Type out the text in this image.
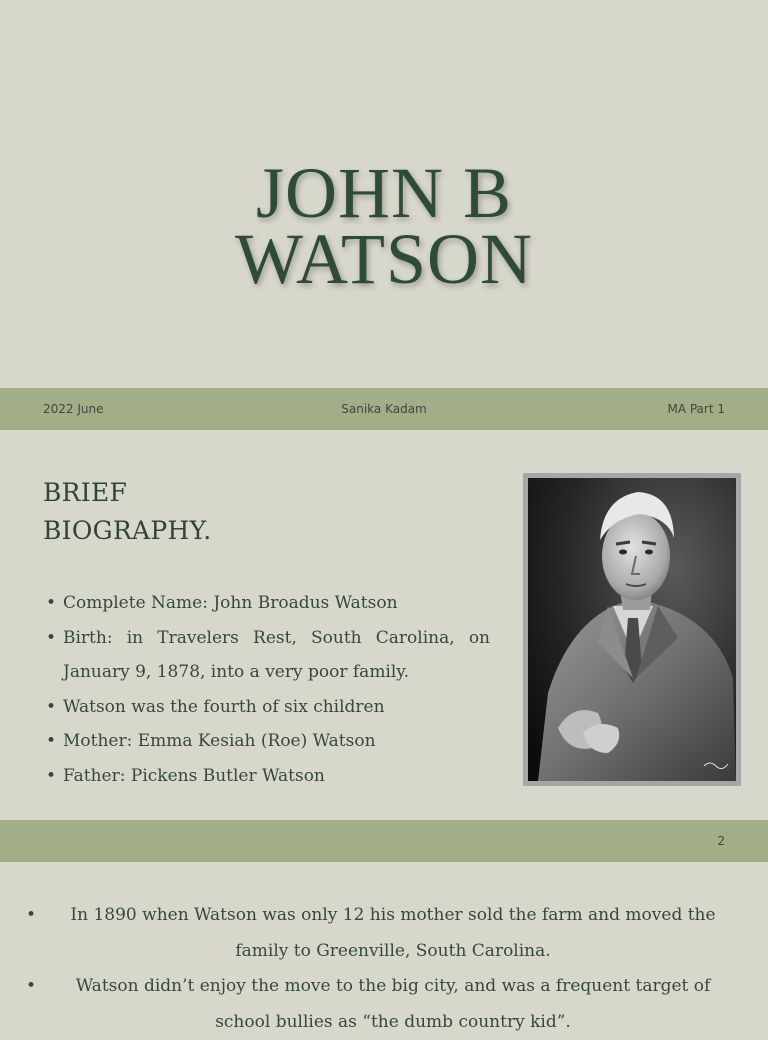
JOHN B
WATSON
2022 June	Sanika Kadam	MA Part 1
BRIEF
BIOGRAPHY.
• Complete Name: John Broadus Watson
• Birth: in Travelers Rest, South Carolina, on January 9, 1878, into a very poor family.
• Watson was the fourth of six children
• Mother: Emma Kesiah (Roe) Watson
• Father: Pickens Butler Watson
2
• In 1890 when Watson was only 12 his mother sold the farm and moved the family to Greenville, South Carolina.
• Watson didn’t enjoy the move to the big city, and was a frequent target of school bullies as “the dumb country kid”.
